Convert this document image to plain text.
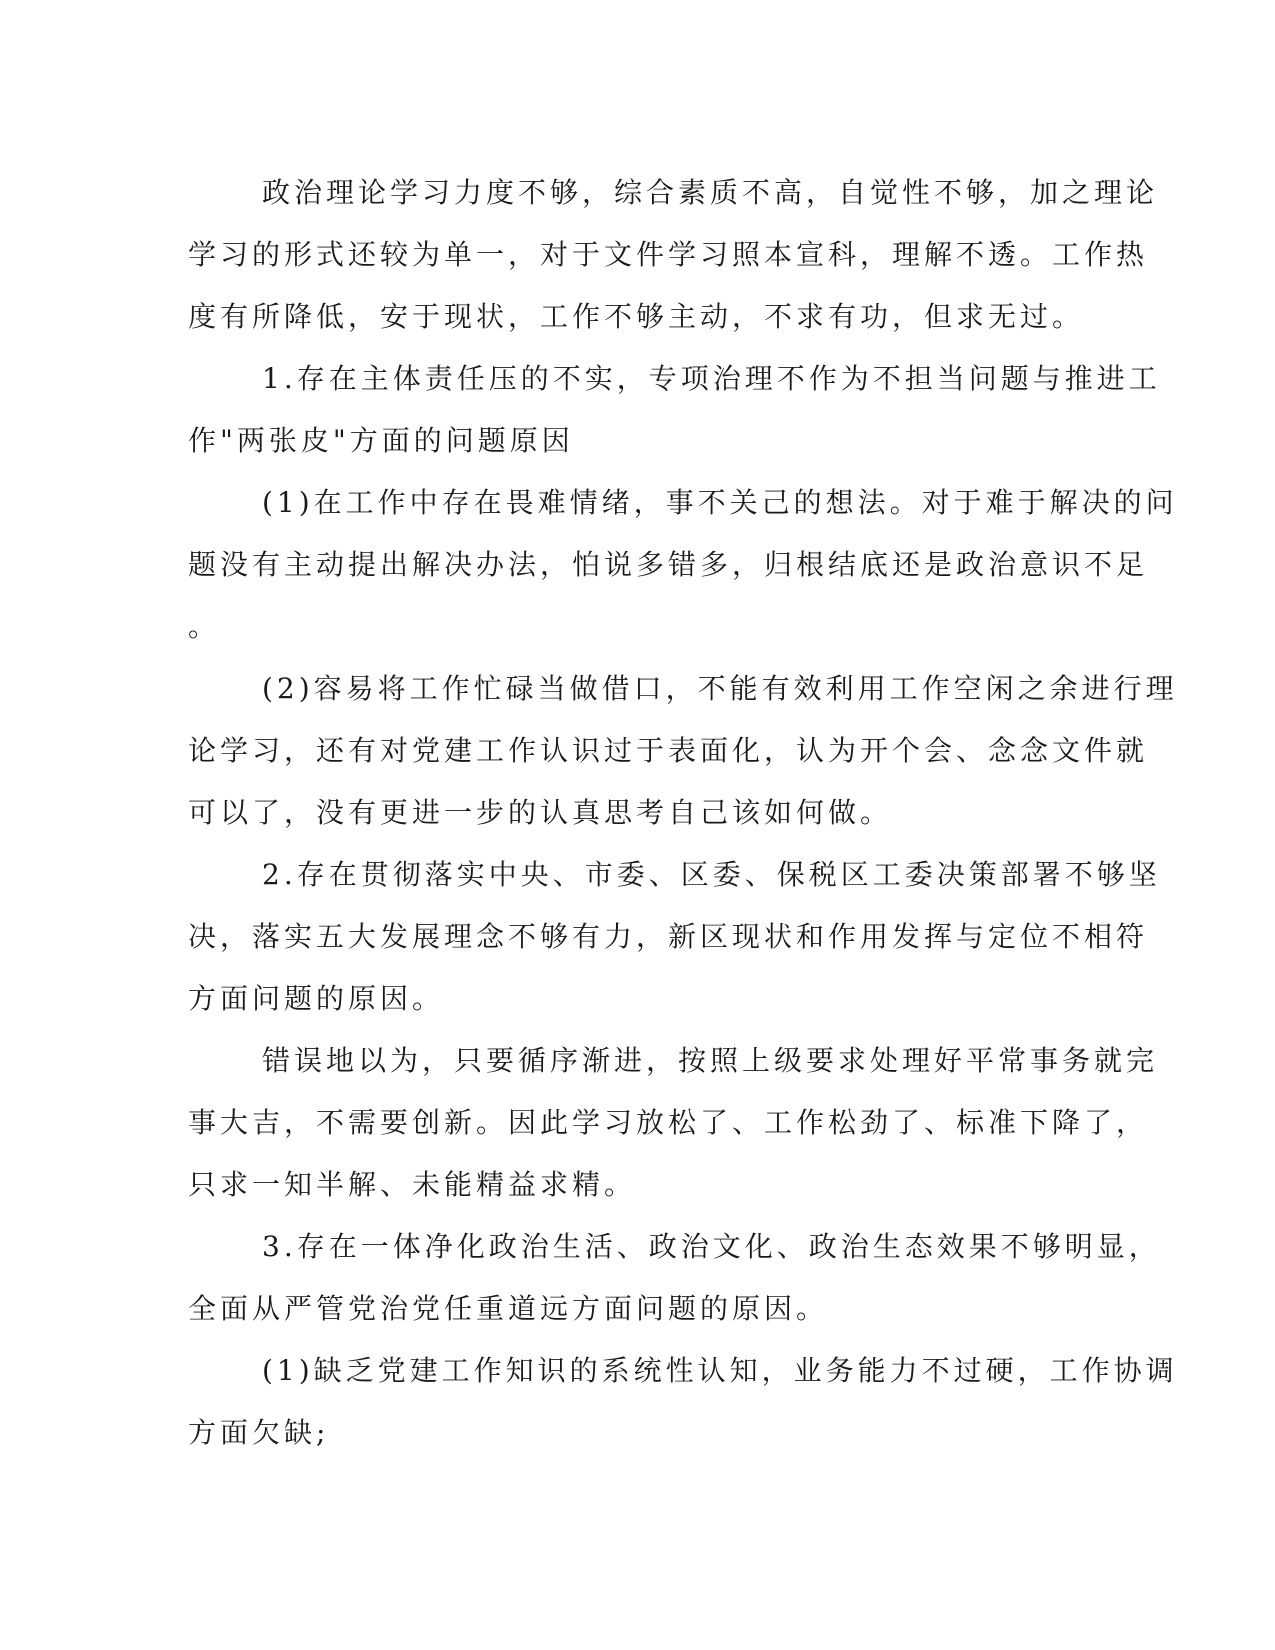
政治理论学习力度不够，综合素质不高，自觉性不够，加之理论
学习的形式还较为单一，对于文件学习照本宣科，理解不透。工作热
度有所降低，安于现状，工作不够主动，不求有功，但求无过。
1.存在主体责任压的不实，专项治理不作为不担当问题与推进工
作"两张皮"方面的问题原因
(1)在工作中存在畏难情绪，事不关己的想法。对于难于解决的问
题没有主动提出解决办法，怕说多错多，归根结底还是政治意识不足
。
(2)容易将工作忙碌当做借口，不能有效利用工作空闲之余进行理
论学习，还有对党建工作认识过于表面化，认为开个会、念念文件就
可以了，没有更进一步的认真思考自己该如何做。
2.存在贯彻落实中央、市委、区委、保税区工委决策部署不够坚
决，落实五大发展理念不够有力，新区现状和作用发挥与定位不相符
方面问题的原因。
错误地以为，只要循序渐进，按照上级要求处理好平常事务就完
事大吉，不需要创新。因此学习放松了、工作松劲了、标准下降了，
只求一知半解、未能精益求精。
3.存在一体净化政治生活、政治文化、政治生态效果不够明显，
全面从严管党治党任重道远方面问题的原因。
(1)缺乏党建工作知识的系统性认知，业务能力不过硬，工作协调
方面欠缺;
